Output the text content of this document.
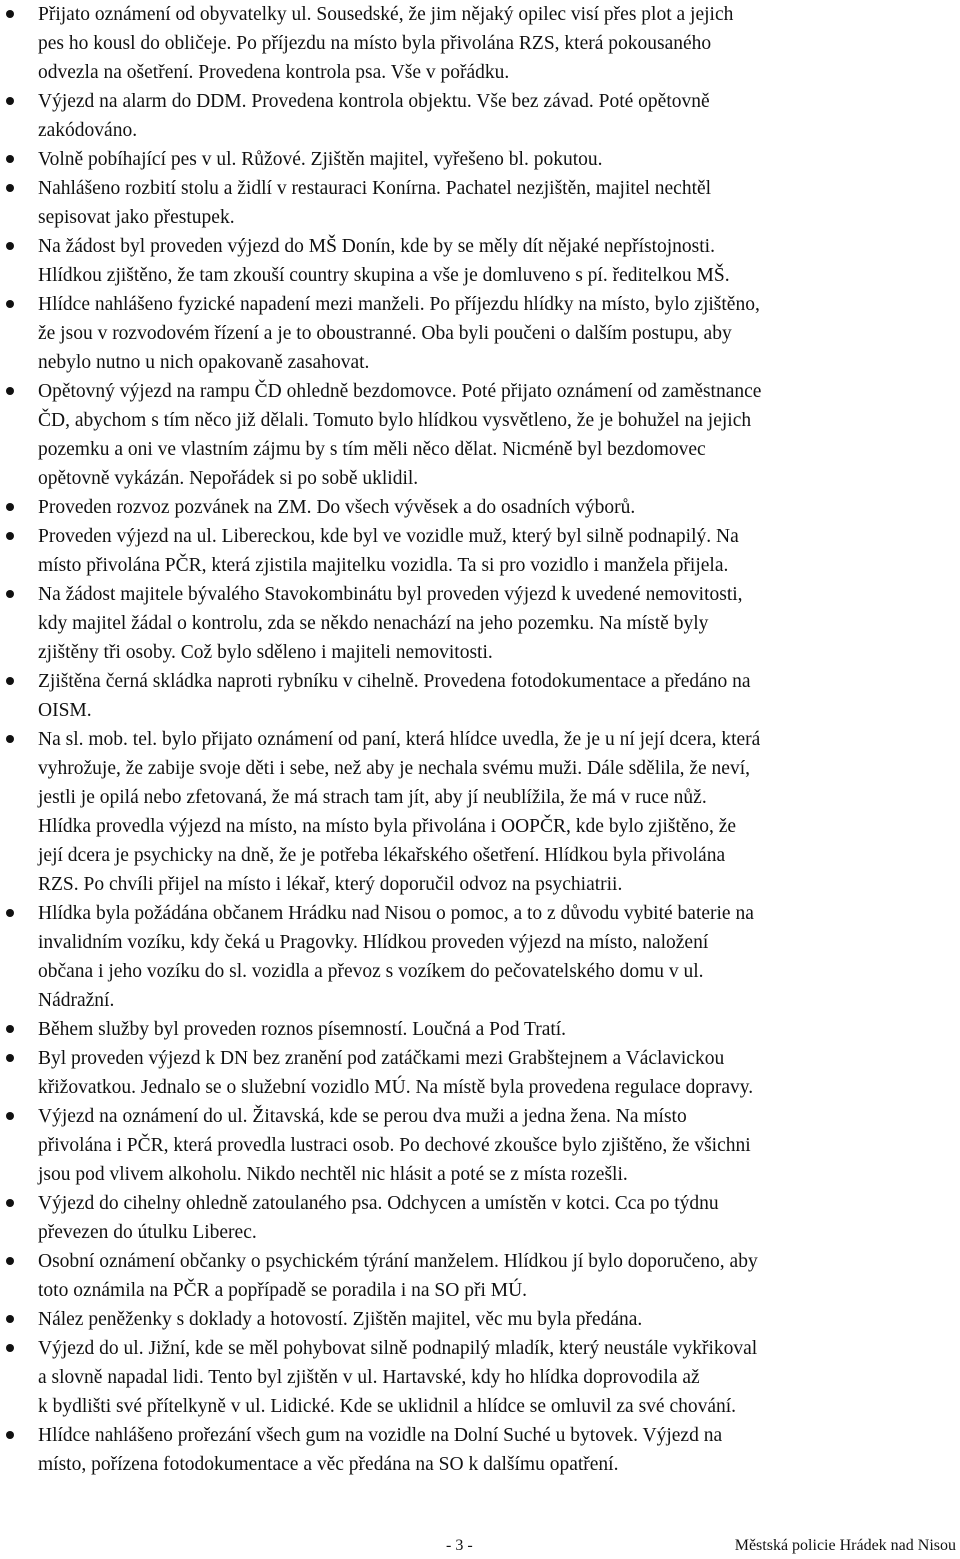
Přijato oznámení od obyvatelky ul. Sousedské, že jim nějaký opilec visí přes plot a jejich
pes ho kousl do obličeje. Po příjezdu na místo byla přivolána RZS, která pokousaného
odvezla na ošetření. Provedena kontrola psa. Vše v pořádku.
Výjezd na alarm do DDM. Provedena kontrola objektu. Vše bez závad. Poté opětovně
zakódováno.
Volně pobíhající pes v ul. Růžové. Zjištěn majitel, vyřešeno bl. pokutou.
Nahlášeno rozbití stolu a židlí v restauraci Konírna. Pachatel nezjištěn, majitel nechtěl
sepisovat jako přestupek.
Na žádost byl proveden výjezd do MŠ Donín, kde by se měly dít nějaké nepřístojnosti.
Hlídkou zjištěno, že tam zkouší country skupina a vše je domluveno s pí. ředitelkou MŠ.
Hlídce nahlášeno fyzické napadení mezi manželi. Po příjezdu hlídky na místo, bylo zjištěno,
že jsou v rozvodovém řízení a je to oboustranné. Oba byli poučeni o dalším postupu, aby
nebylo nutno u nich opakovaně zasahovat.
Opětovný výjezd na rampu ČD ohledně bezdomovce. Poté přijato oznámení od zaměstnance
ČD, abychom s tím něco již dělali. Tomuto bylo hlídkou vysvětleno, že je bohužel na jejich
pozemku a oni ve vlastním zájmu by s tím měli něco dělat. Nicméně byl bezdomovec
opětovně vykázán. Nepořádek si po sobě uklidil.
Proveden rozvoz pozvánek na ZM. Do všech vývěsek a do osadních výborů.
Proveden výjezd na ul. Libereckou, kde byl ve vozidle muž, který byl silně podnapilý. Na
místo přivolána PČR, která zjistila majitelku vozidla. Ta si pro vozidlo i manžela přijela.
Na žádost majitele bývalého Stavokombinátu byl proveden výjezd k uvedené nemovitosti,
kdy majitel žádal o kontrolu, zda se někdo nenachází na jeho pozemku. Na místě byly
zjištěny tři osoby. Což bylo sděleno i majiteli nemovitosti.
Zjištěna černá skládka naproti rybníku v cihelně. Provedena fotodokumentace a předáno na
OISM.
Na sl. mob. tel. bylo přijato oznámení od paní, která hlídce uvedla, že je u ní její dcera, která
vyhrožuje, že zabije svoje děti i sebe, než aby je nechala svému muži. Dále sdělila, že neví,
jestli je opilá nebo zfetovaná, že má strach tam jít, aby jí neublížila, že má v ruce nůž.
Hlídka provedla výjezd na místo, na místo byla přivolána i OOPČR, kde bylo zjištěno, že
její dcera je psychicky na dně, že je potřeba lékařského ošetření. Hlídkou byla přivolána
RZS. Po chvíli přijel na místo i lékař, který doporučil odvoz na psychiatrii.
Hlídka byla požádána občanem Hrádku nad Nisou o pomoc, a to z důvodu vybité baterie na
invalidním vozíku, kdy čeká u Pragovky. Hlídkou proveden výjezd na místo, naložení
občana i jeho vozíku do sl. vozidla a převoz s vozíkem do pečovatelského domu v ul.
Nádražní.
Během služby byl proveden roznos písemností. Loučná a Pod Tratí.
Byl proveden výjezd k DN bez zranění pod zatáčkami mezi Grabštejnem a Václavickou
křižovatkou. Jednalo se o služební vozidlo MÚ. Na místě byla provedena regulace dopravy.
Výjezd na oznámení do ul. Žitavská, kde se perou dva muži a jedna žena. Na místo
přivolána i PČR, která provedla lustraci osob. Po dechové zkoušce bylo zjištěno, že všichni
jsou pod vlivem alkoholu. Nikdo nechtěl nic hlásit a poté se z místa rozešli.
Výjezd do cihelny ohledně zatoulaného psa. Odchycen a umístěn v kotci. Cca po týdnu
převezen do útulku Liberec.
Osobní oznámení občanky o psychickém týrání manželem. Hlídkou jí bylo doporučeno, aby
toto oznámila na PČR a popřípadě se poradila i na SO při MÚ.
Nález peněženky s doklady a hotovostí. Zjištěn majitel, věc mu byla předána.
Výjezd do ul. Jižní, kde se měl pohybovat silně podnapilý mladík, který neustále vykřikoval
a slovně napadal lidi. Tento byl zjištěn v ul. Hartavské, kdy ho hlídka doprovodila až
k bydlišti své přítelkyně v ul. Lidické. Kde se uklidnil a hlídce se omluvil za své chování.
Hlídce nahlášeno prořezání všech gum na vozidle na Dolní Suché u bytovek. Výjezd na
místo, pořízena fotodokumentace a věc předána na SO k dalšímu opatření.
- 3 -	Městská policie Hrádek nad Nisou
